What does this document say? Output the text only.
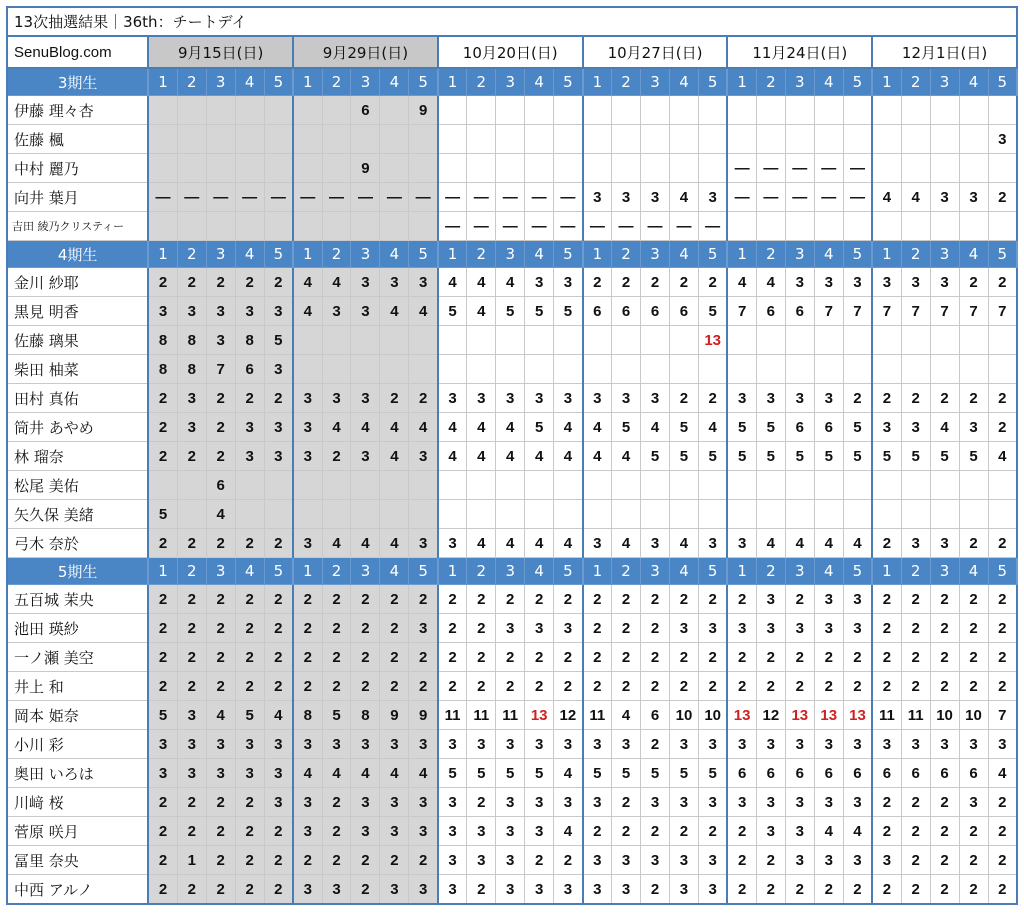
13次抽選結果｜36th：チートデイ
SenuBlog.com	9月15日(日)					9月29日(日)					10月20日(日)					10月27日(日)					11月24日(日)					12月1日(日)				
3期生	1	2	3	4	5	1	2	3	4	5	1	2	3	4	5	1	2	3	4	5	1	2	3	4	5	1	2	3	4	5
伊藤 理々杏								6		9																				
佐藤 楓																														3
中村 麗乃								9													—	—	—	—	—					
向井 葉月	—	—	—	—	—	—	—	—	—	—	—	—	—	—	—	3	3	3	4	3	—	—	—	—	—	4	4	3	3	2
吉田 綾乃クリスティー											—	—	—	—	—	—	—	—	—	—										
4期生	1	2	3	4	5	1	2	3	4	5	1	2	3	4	5	1	2	3	4	5	1	2	3	4	5	1	2	3	4	5
金川 紗耶	2	2	2	2	2	4	4	3	3	3	4	4	4	3	3	2	2	2	2	2	4	4	3	3	3	3	3	3	2	2
黒見 明香	3	3	3	3	3	4	3	3	4	4	5	4	5	5	5	6	6	6	6	5	7	6	6	7	7	7	7	7	7	7
佐藤 璃果	8	8	3	8	5															13										
柴田 柚菜	8	8	7	6	3																									
田村 真佑	2	3	2	2	2	3	3	3	2	2	3	3	3	3	3	3	3	3	2	2	3	3	3	3	2	2	2	2	2	2
筒井 あやめ	2	3	2	3	3	3	4	4	4	4	4	4	4	5	4	4	5	4	5	4	5	5	6	6	5	3	3	4	3	2
林 瑠奈	2	2	2	3	3	3	2	3	4	3	4	4	4	4	4	4	4	5	5	5	5	5	5	5	5	5	5	5	5	4
松尾 美佑			6																											
矢久保 美緒	5		4																											
弓木 奈於	2	2	2	2	2	3	4	4	4	3	3	4	4	4	4	3	4	3	4	3	3	4	4	4	4	2	3	3	2	2
5期生	1	2	3	4	5	1	2	3	4	5	1	2	3	4	5	1	2	3	4	5	1	2	3	4	5	1	2	3	4	5
五百城 茉央	2	2	2	2	2	2	2	2	2	2	2	2	2	2	2	2	2	2	2	2	2	3	2	3	3	2	2	2	2	2
池田 瑛紗	2	2	2	2	2	2	2	2	2	3	2	2	3	3	3	2	2	2	3	3	3	3	3	3	3	2	2	2	2	2
一ノ瀬 美空	2	2	2	2	2	2	2	2	2	2	2	2	2	2	2	2	2	2	2	2	2	2	2	2	2	2	2	2	2	2
井上 和	2	2	2	2	2	2	2	2	2	2	2	2	2	2	2	2	2	2	2	2	2	2	2	2	2	2	2	2	2	2
岡本 姫奈	5	3	4	5	4	8	5	8	9	9	11	11	11	13	12	11	4	6	10	10	13	12	13	13	13	11	11	10	10	7
小川 彩	3	3	3	3	3	3	3	3	3	3	3	3	3	3	3	3	3	2	3	3	3	3	3	3	3	3	3	3	3	3
奥田 いろは	3	3	3	3	3	4	4	4	4	4	5	5	5	5	4	5	5	5	5	5	6	6	6	6	6	6	6	6	6	4
川﨑 桜	2	2	2	2	3	3	2	3	3	3	3	2	3	3	3	3	2	3	3	3	3	3	3	3	3	2	2	2	3	2
菅原 咲月	2	2	2	2	2	3	2	3	3	3	3	3	3	3	4	2	2	2	2	2	2	3	3	4	4	2	2	2	2	2
冨里 奈央	2	1	2	2	2	2	2	2	2	2	3	3	3	2	2	3	3	3	3	3	2	2	3	3	3	3	2	2	2	2
中西 アルノ	2	2	2	2	2	3	3	2	3	3	3	2	3	3	3	3	3	2	3	3	2	2	2	2	2	2	2	2	2	2
